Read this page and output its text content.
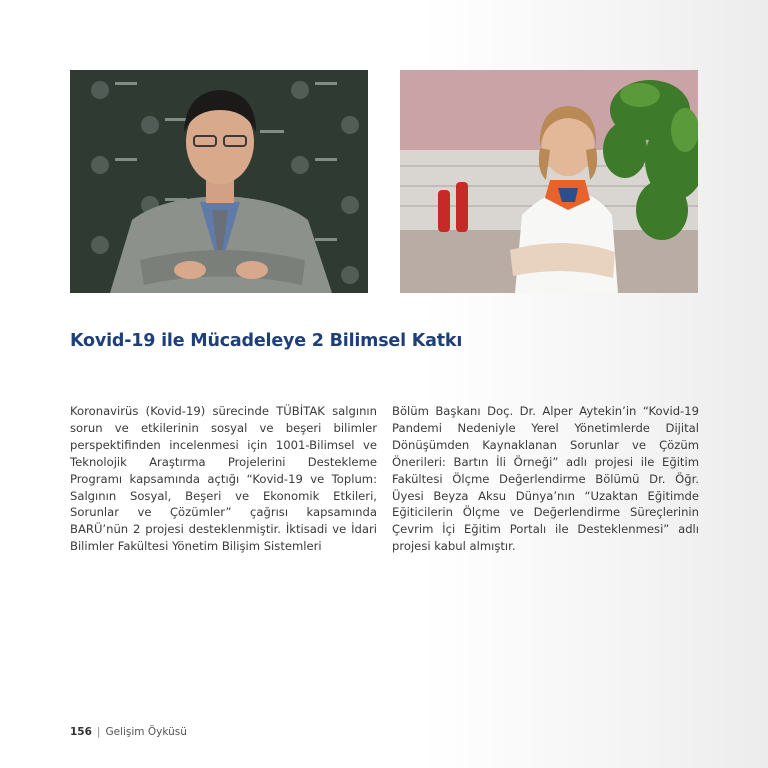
Kovid-19 ile Mücadeleye 2 Bilimsel Katkı

Koronavirüs (Kovid-19) sürecinde TÜBİTAK salgının sorun ve etkilerinin sosyal ve beşeri bilimler perspektifinden incelenmesi için 1001-Bilimsel ve Teknolojik Araştırma Projelerini Destekleme Programı kapsamında açtığı “Kovid-19 ve Toplum: Salgının Sosyal, Beşeri ve Ekonomik Etkileri, Sorunlar ve Çözümler” çağrısı kapsamında BARÜ’nün 2 projesi desteklenmiştir. İktisadi ve İdari Bilimler Fakültesi Yönetim Bilişim Sistemleri

Bölüm Başkanı Doç. Dr. Alper Aytekin’in “Kovid-19 Pandemi Nedeniyle Yerel Yönetimlerde Dijital Dönüşümden Kaynaklanan Sorunlar ve Çözüm Önerileri: Bartın İli Örneği” adlı projesi ile Eğitim Fakültesi Ölçme Değerlendirme Bölümü Dr. Öğr. Üyesi Beyza Aksu Dünya’nın “Uzaktan Eğitimde Eğiticilerin Ölçme ve Değerlendirme Süreçlerinin Çevrim İçi Eğitim Portalı ile Desteklenmesi” adlı projesi kabul almıştır.

156 | Gelişim Öyküsü
